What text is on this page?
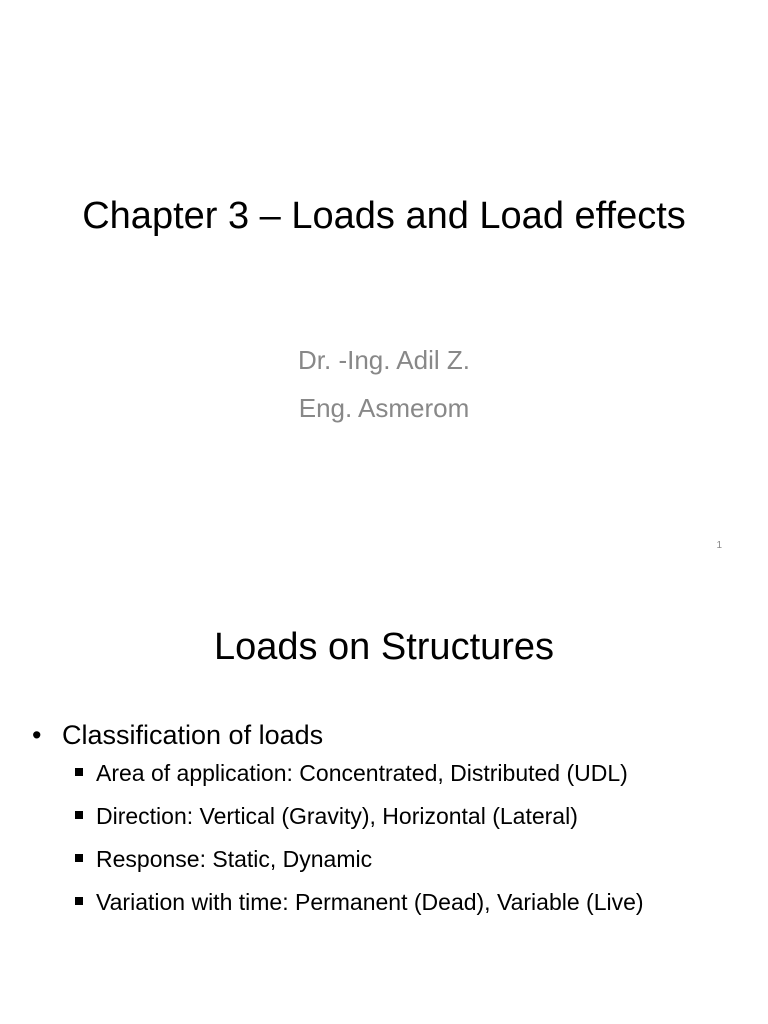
Chapter 3 – Loads and Load effects
Dr. -Ing. Adil Z.
Eng. Asmerom
1
Loads on Structures
• Classification of loads
Area of application: Concentrated, Distributed (UDL)
Direction: Vertical (Gravity), Horizontal (Lateral)
Response: Static, Dynamic
Variation with time: Permanent (Dead), Variable (Live)
